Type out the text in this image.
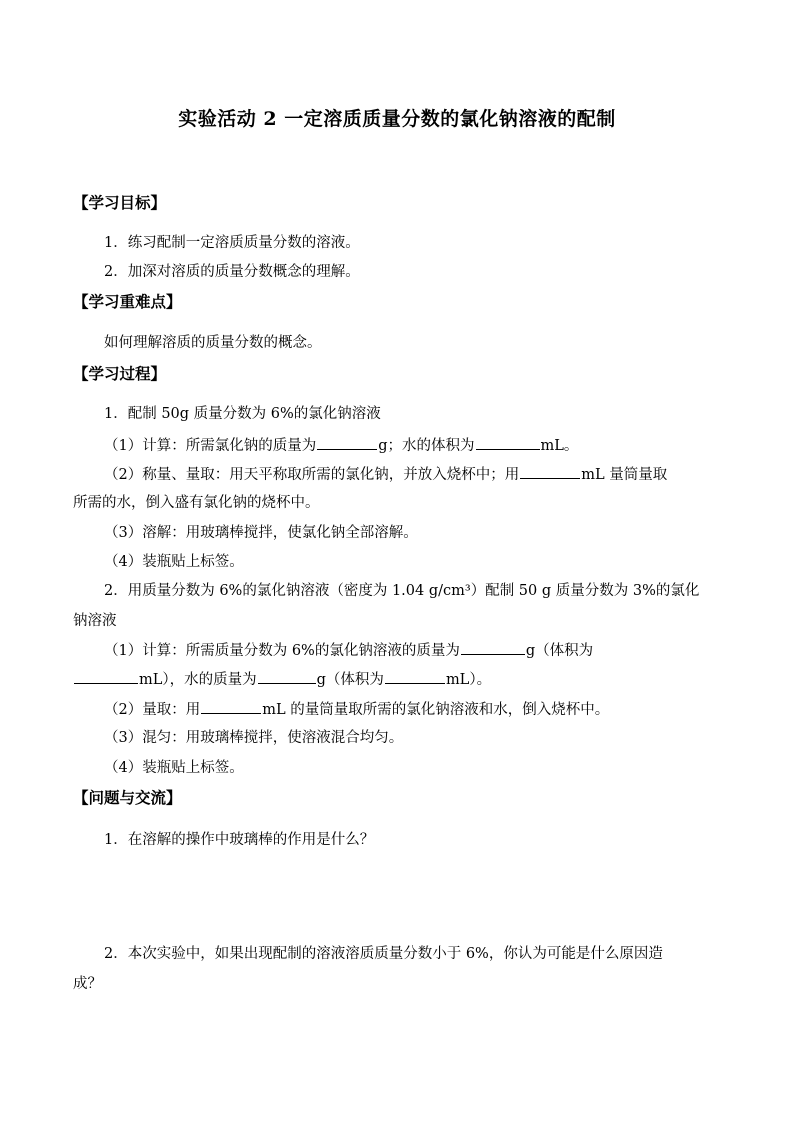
实验活动 2 一定溶质质量分数的氯化钠溶液的配制
【学习目标】
1．练习配制一定溶质质量分数的溶液。
2．加深对溶质的质量分数概念的理解。
【学习重难点】
如何理解溶质的质量分数的概念。
【学习过程】
1．配制 50g 质量分数为 6%的氯化钠溶液
（1）计算：所需氯化钠的质量为	g；水的体积为	mL。
（2）称量、量取：用天平称取所需的氯化钠，并放入烧杯中；用	mL 量筒量取
所需的水，倒入盛有氯化钠的烧杯中。
（3）溶解：用玻璃棒搅拌，使氯化钠全部溶解。
（4）装瓶贴上标签。
2．用质量分数为 6%的氯化钠溶液（密度为 1.04 g/cm³）配制 50 g 质量分数为 3%的氯化
钠溶液
（1）计算：所需质量分数为 6%的氯化钠溶液的质量为	g（体积为
mL），水的质量为	g（体积为	mL）。
（2）量取：用	mL 的量筒量取所需的氯化钠溶液和水，倒入烧杯中。
（3）混匀：用玻璃棒搅拌，使溶液混合均匀。
（4）装瓶贴上标签。
【问题与交流】
1．在溶解的操作中玻璃棒的作用是什么？
2．本次实验中，如果出现配制的溶液溶质质量分数小于 6%，你认为可能是什么原因造
成？
